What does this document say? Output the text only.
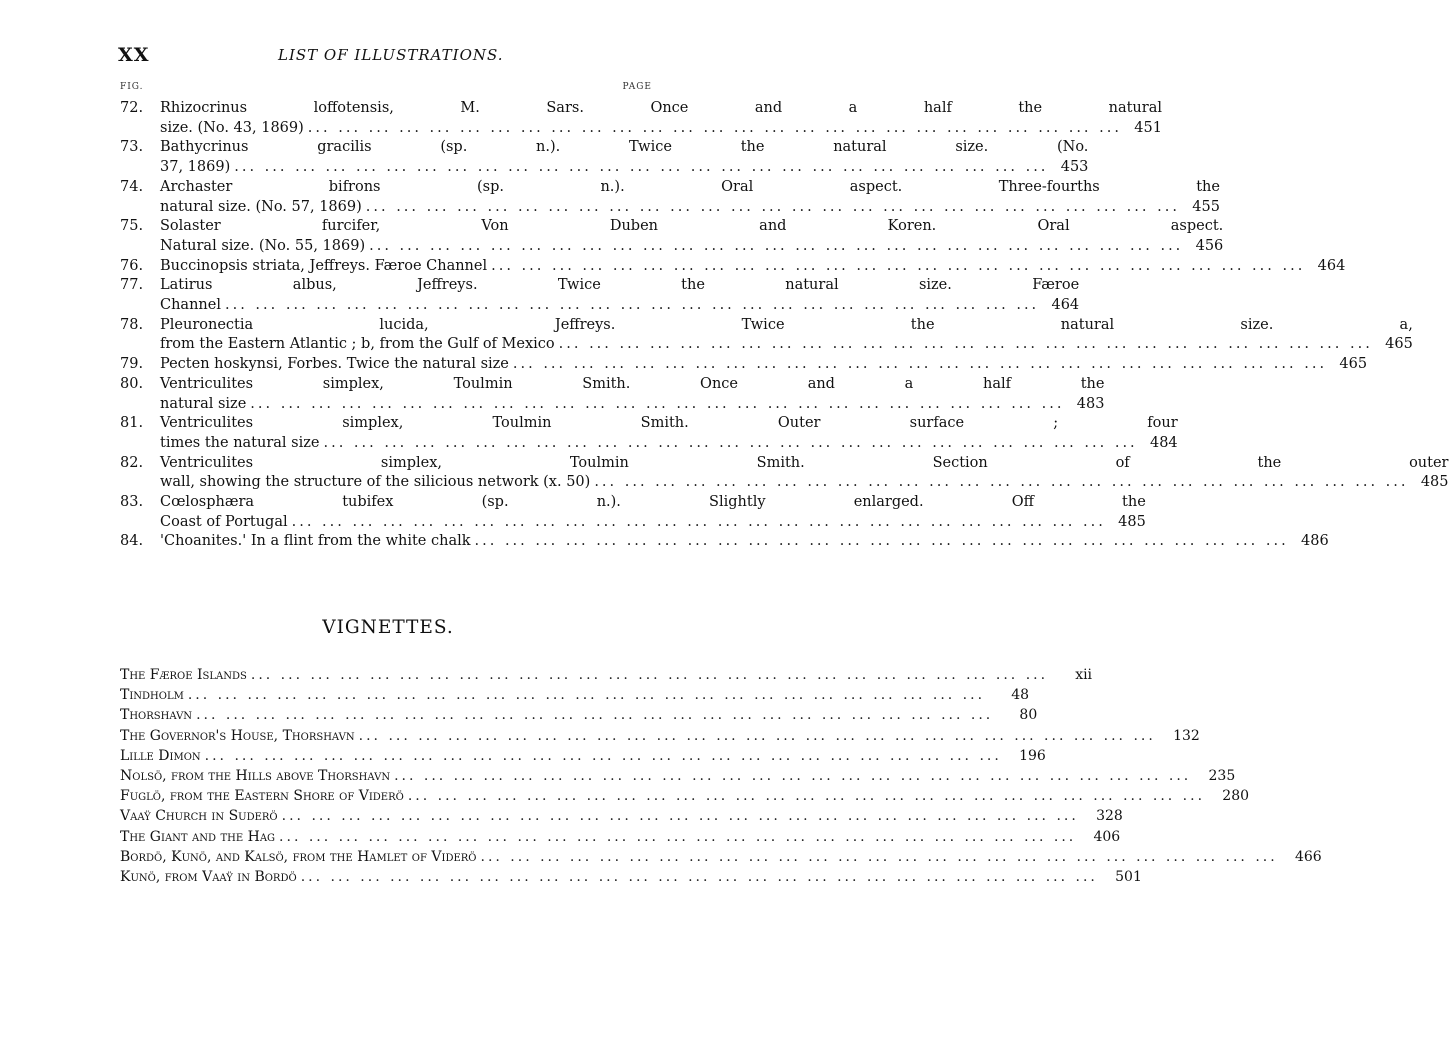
XX	LIST OF ILLUSTRATIONS.
FIG.	PAGE
72.	Rhizocrinus loffotensis, M. Sars. Once and a half the natural
size. (No. 43, 1869) ... .	451
73.	Bathycrinus gracilis (sp. n.). Twice the natural size. (No.
37, 1869) ... .	453
74.	Archaster bifrons (sp. n.). Oral aspect. Three-fourths the
natural size. (No. 57, 1869) ... .	455
75.	Solaster furcifer, Von Duben and Koren. Oral aspect.
Natural size. (No. 55, 1869) ... .	456
76.	Buccinopsis striata, Jeffreys. Færoe Channel ... .	464
77.	Latirus albus, Jeffreys. Twice the natural size. Færoe
Channel ... .	464
78.	Pleuronectia lucida, Jeffreys. Twice the natural size. a,
from the Eastern Atlantic ; b, from the Gulf of Mexico ... .	465
79.	Pecten hoskynsi, Forbes. Twice the natural size ... .	465
80.	Ventriculites simplex, Toulmin Smith. Once and a half the
natural size ... .	483
81.	Ventriculites simplex, Toulmin Smith. Outer surface ; four
times the natural size ... .	484
82.	Ventriculites simplex, Toulmin Smith. Section of the outer
wall, showing the structure of the silicious network (x. 50) ... .	485
83.	Cœlosphæra tubifex (sp. n.). Slightly enlarged. Off the
Coast of Portugal ... .	485
84.	'Choanites.' In a flint from the white chalk ... .	486
VIGNETTES.
The Færoe Islands ... .	xii
Tindholm ... .	48
Thorshavn ... .	80
The Governor's House, Thorshavn ... .	132
Lille Dimon ... .	196
Nolsö, from the Hills above Thorshavn ... .	235
Fuglö, from the Eastern Shore of Viderö ... .	280
Vaaÿ Church in Suderö ... .	328
The Giant and the Hag ... .	406
Bordö, Kunö, and Kalsö, from the Hamlet of Viderö ... .	466
Kunö, from Vaaÿ in Bordö ... .	501
